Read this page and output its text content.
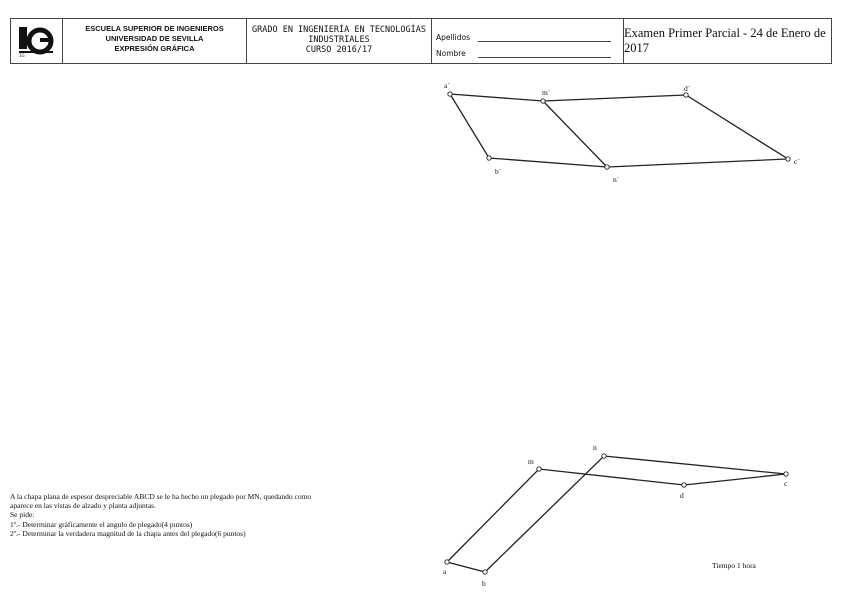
1G
ESCUELA SUPERIOR DE INGENIEROS
UNIVERSIDAD DE SEVILLA
EXPRESIÓN GRÁFICA
GRADO EN INGENIERÍA EN TECNOLOGÍAS
INDUSTRIALES
CURSO 2016/17
Apellidos
Nombre
Examen Primer Parcial - 24 de Enero de 2017
a´
m´	d´
b´
n´
c´
m
n
d
c
a
b
A la chapa plana de espesor despreciable ABCD se le ha hecho un plegado por MN, quedando como
aparece en las vistas de alzado y planta adjuntas.
Se pide:
1º.- Determinar gráficamente el angulo de plegado(4 puntos)
2º.- Determinar la verdadera magnitud de la chapa antes del plegado(6 puntos)
Tiempo 1 hora
